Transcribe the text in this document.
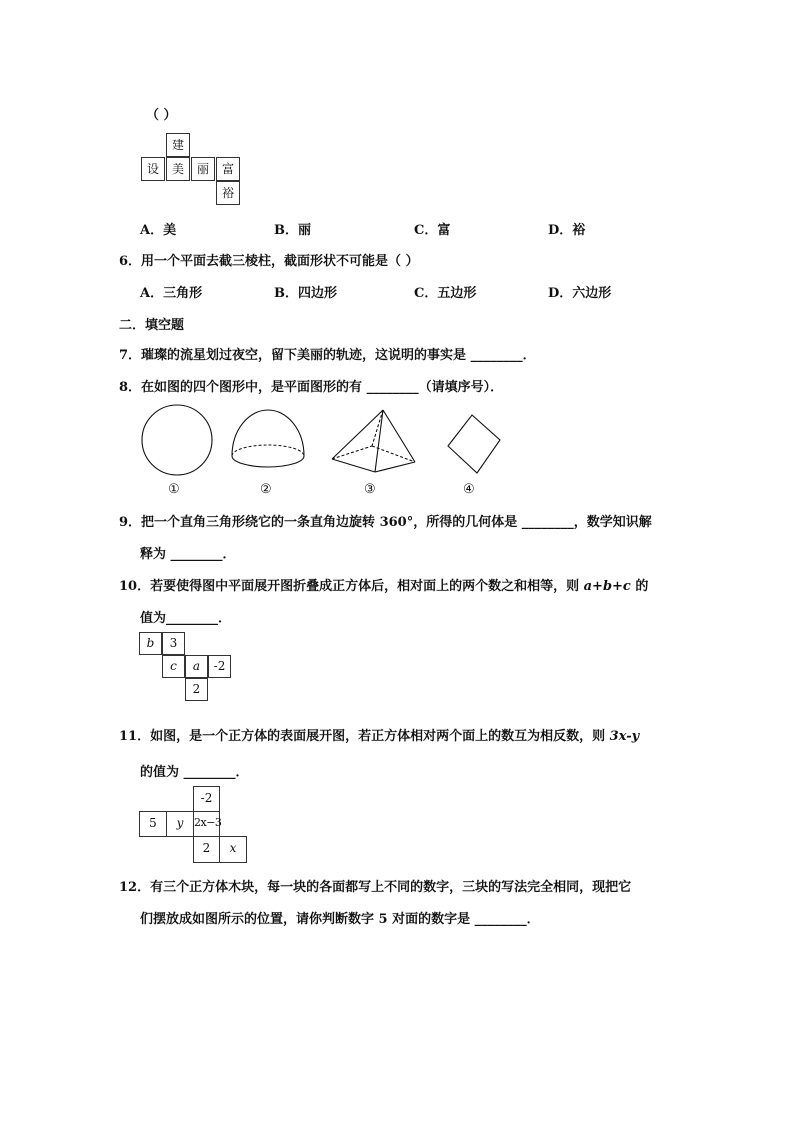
（ ）
建
设	美	丽	富
裕
A．美	B．丽	C．富	D．裕
6．用一个平面去截三棱柱，截面形状不可能是（ ）
A．三角形	B．四边形	C．五边形	D．六边形
二．填空题
7．璀璨的流星划过夜空，留下美丽的轨迹，这说明的事实是 ________．
8．在如图的四个图形中，是平面图形的有 ________（请填序号）．
①	②	③	④
9．把一个直角三角形绕它的一条直角边旋转 360°，所得的几何体是 ________，数学知识解
释为 ________．
10．若要使得图中平面展开图折叠成正方体后，相对面上的两个数之和相等，则 a+b+c 的
值为________．
b	3
c	a	-2
2
11．如图，是一个正方体的表面展开图，若正方体相对两个面上的数互为相反数，则 3x-y
的值为 ________．
-2
5	y 2x−3
2	x
12．有三个正方体木块，每一块的各面都写上不同的数字，三块的写法完全相同，现把它
们摆放成如图所示的位置，请你判断数字 5 对面的数字是 ________．
